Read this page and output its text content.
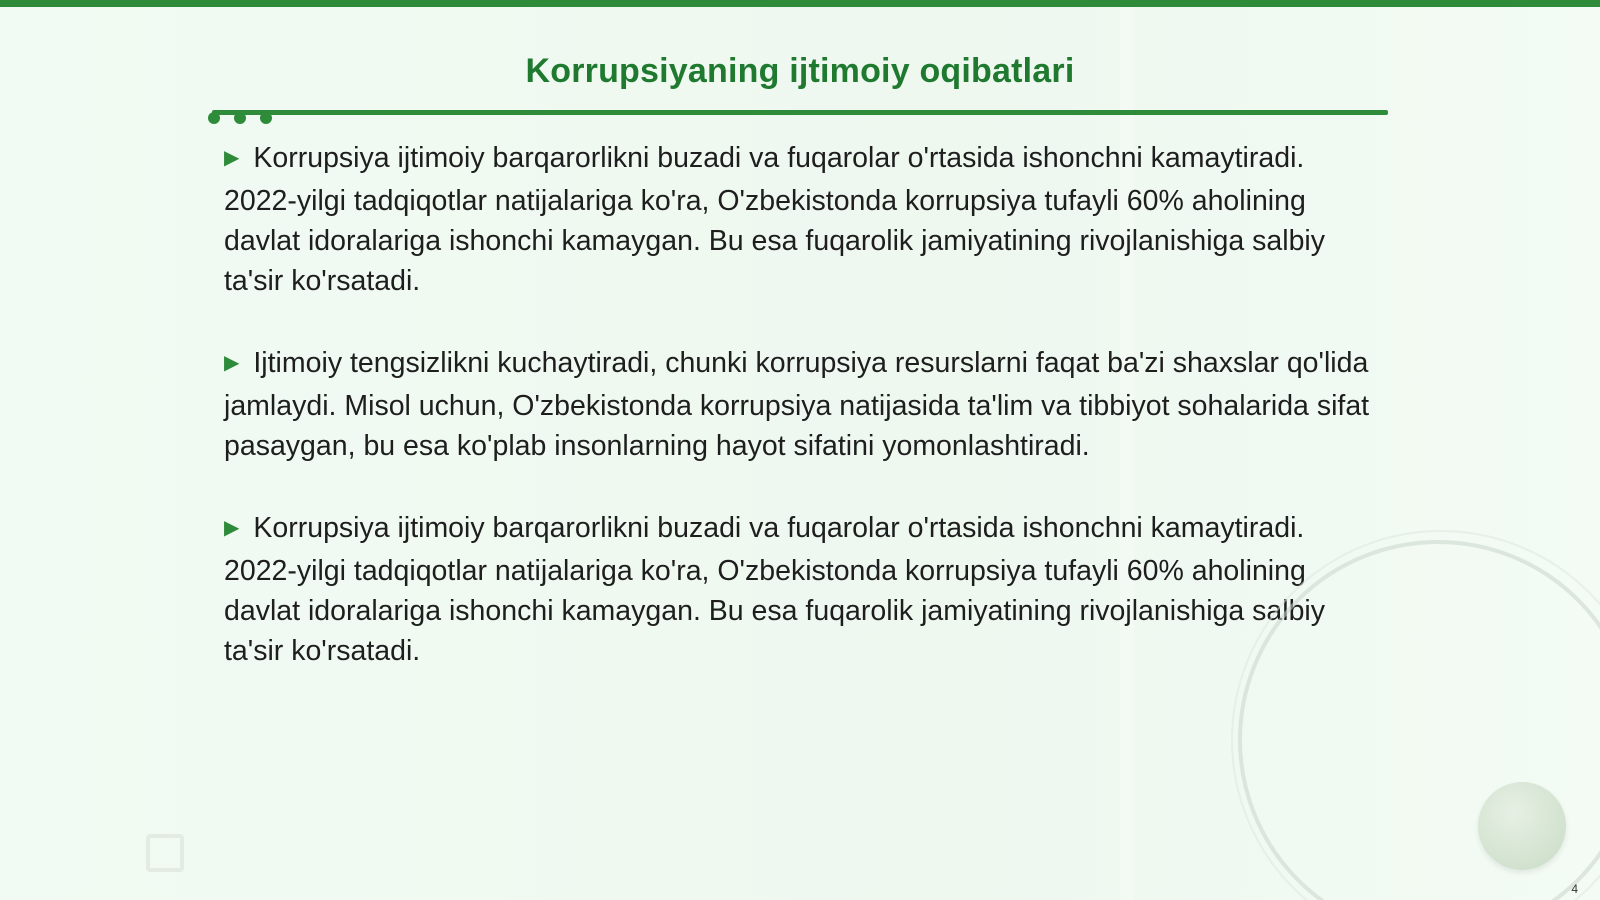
Korrupsiyaning ijtimoiy oqibatlari

▶ Korrupsiya ijtimoiy barqarorlikni buzadi va fuqarolar o'rtasida ishonchni kamaytiradi. 2022-yilgi tadqiqotlar natijalariga ko'ra, O'zbekistonda korrupsiya tufayli 60% aholining davlat idoralariga ishonchi kamaygan. Bu esa fuqarolik jamiyatining rivojlanishiga salbiy ta'sir ko'rsatadi.

▶ Ijtimoiy tengsizlikni kuchaytiradi, chunki korrupsiya resurslarni faqat ba'zi shaxslar qo'lida jamlaydi. Misol uchun, O'zbekistonda korrupsiya natijasida ta'lim va tibbiyot sohalarida sifat pasaygan, bu esa ko'plab insonlarning hayot sifatini yomonlashtiradi.

▶ Korrupsiya ijtimoiy barqarorlikni buzadi va fuqarolar o'rtasida ishonchni kamaytiradi. 2022-yilgi tadqiqotlar natijalariga ko'ra, O'zbekistonda korrupsiya tufayli 60% aholining davlat idoralariga ishonchi kamaygan. Bu esa fuqarolik jamiyatining rivojlanishiga salbiy ta'sir ko'rsatadi.

4
